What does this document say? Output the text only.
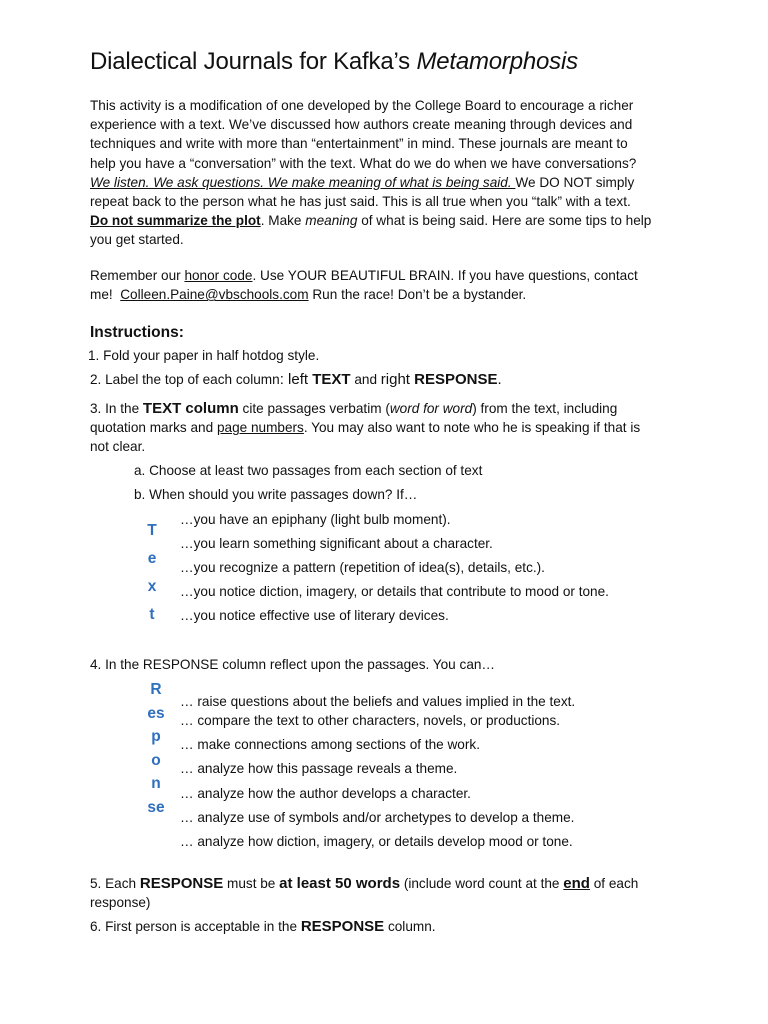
Dialectical Journals for Kafka’s Metamorphosis
This activity is a modification of one developed by the College Board to encourage a richer
experience with a text. We’ve discussed how authors create meaning through devices and
techniques and write with more than “entertainment” in mind. These journals are meant to
help you have a “conversation” with the text. What do we do when we have conversations?
We listen. We ask questions. We make meaning of what is being said. We DO NOT simply
repeat back to the person what he has just said. This is all true when you “talk” with a text.
Do not summarize the plot. Make meaning of what is being said. Here are some tips to help
you get started.
Remember our honor code. Use YOUR BEAUTIFUL BRAIN. If you have questions, contact
me!  Colleen.Paine@vbschools.com Run the race! Don’t be a bystander.
Instructions:
1. Fold your paper in half hotdog style.
2. Label the top of each column: left TEXT and right RESPONSE.
3. In the TEXT column cite passages verbatim (word for word) from the text, including
quotation marks and page numbers. You may also want to note who he is speaking if that is
not clear.
a. Choose at least two passages from each section of text
b. When should you write passages down? If…
T
e
x
t
…you have an epiphany (light bulb moment).
…you learn something significant about a character.
…you recognize a pattern (repetition of idea(s), details, etc.).
…you notice diction, imagery, or details that contribute to mood or tone.
…you notice effective use of literary devices.
4. In the RESPONSE column reflect upon the passages. You can…
R
es
p
o
n
se
… raise questions about the beliefs and values implied in the text.
… compare the text to other characters, novels, or productions.
… make connections among sections of the work.
… analyze how this passage reveals a theme.
… analyze how the author develops a character.
… analyze use of symbols and/or archetypes to develop a theme.
… analyze how diction, imagery, or details develop mood or tone.
5. Each RESPONSE must be at least 50 words (include word count at the end of each
response)
6. First person is acceptable in the RESPONSE column.
